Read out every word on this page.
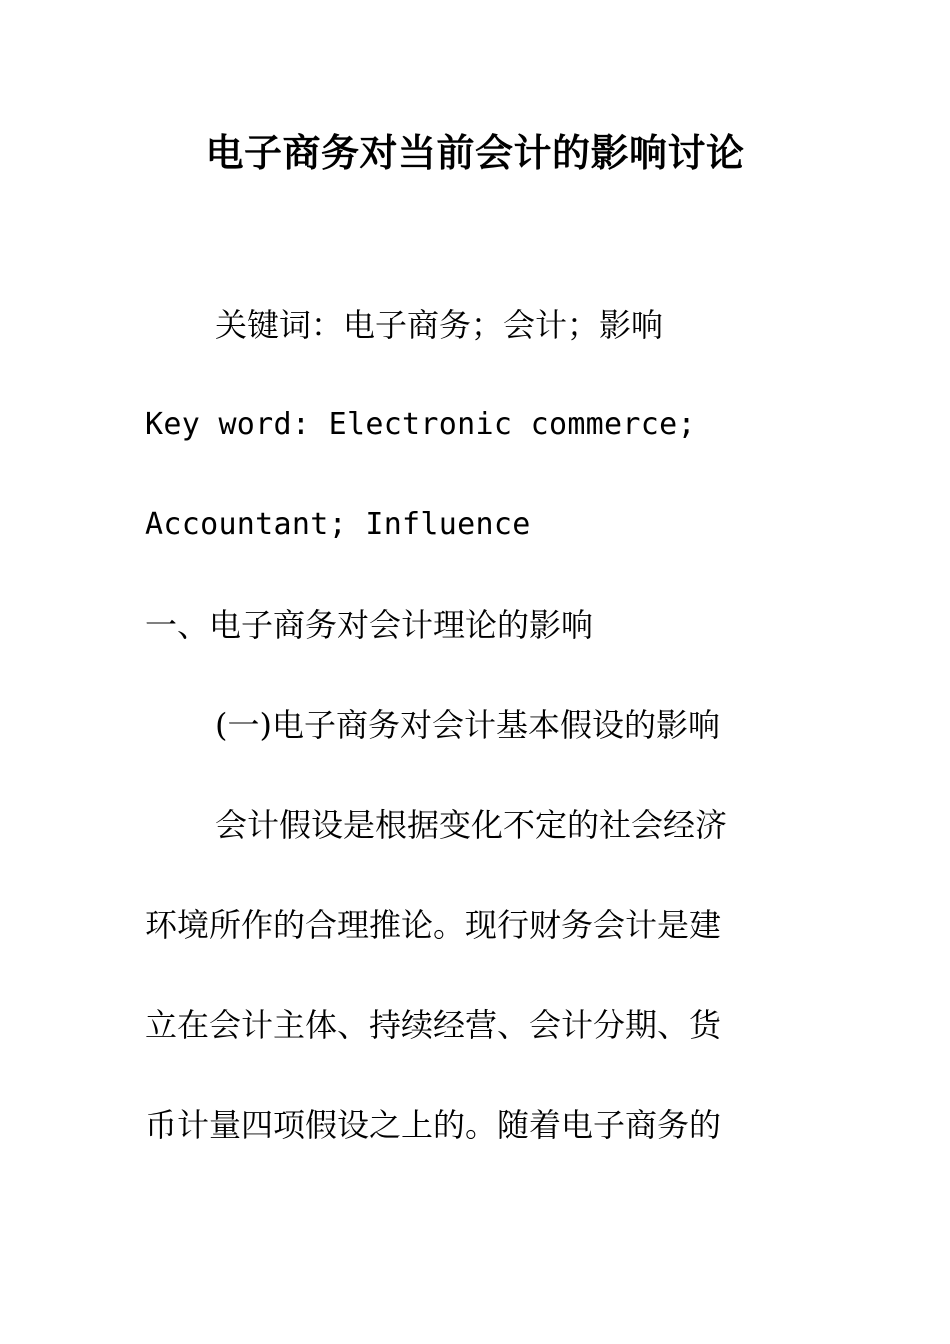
电子商务对当前会计的影响讨论

关键词：电子商务；会计；影响

Key word: Electronic commerce;

Accountant; Influence

一、电子商务对会计理论的影响

(一)电子商务对会计基本假设的影响

会计假设是根据变化不定的社会经济

环境所作的合理推论。现行财务会计是建

立在会计主体、持续经营、会计分期、货

币计量四项假设之上的。随着电子商务的
